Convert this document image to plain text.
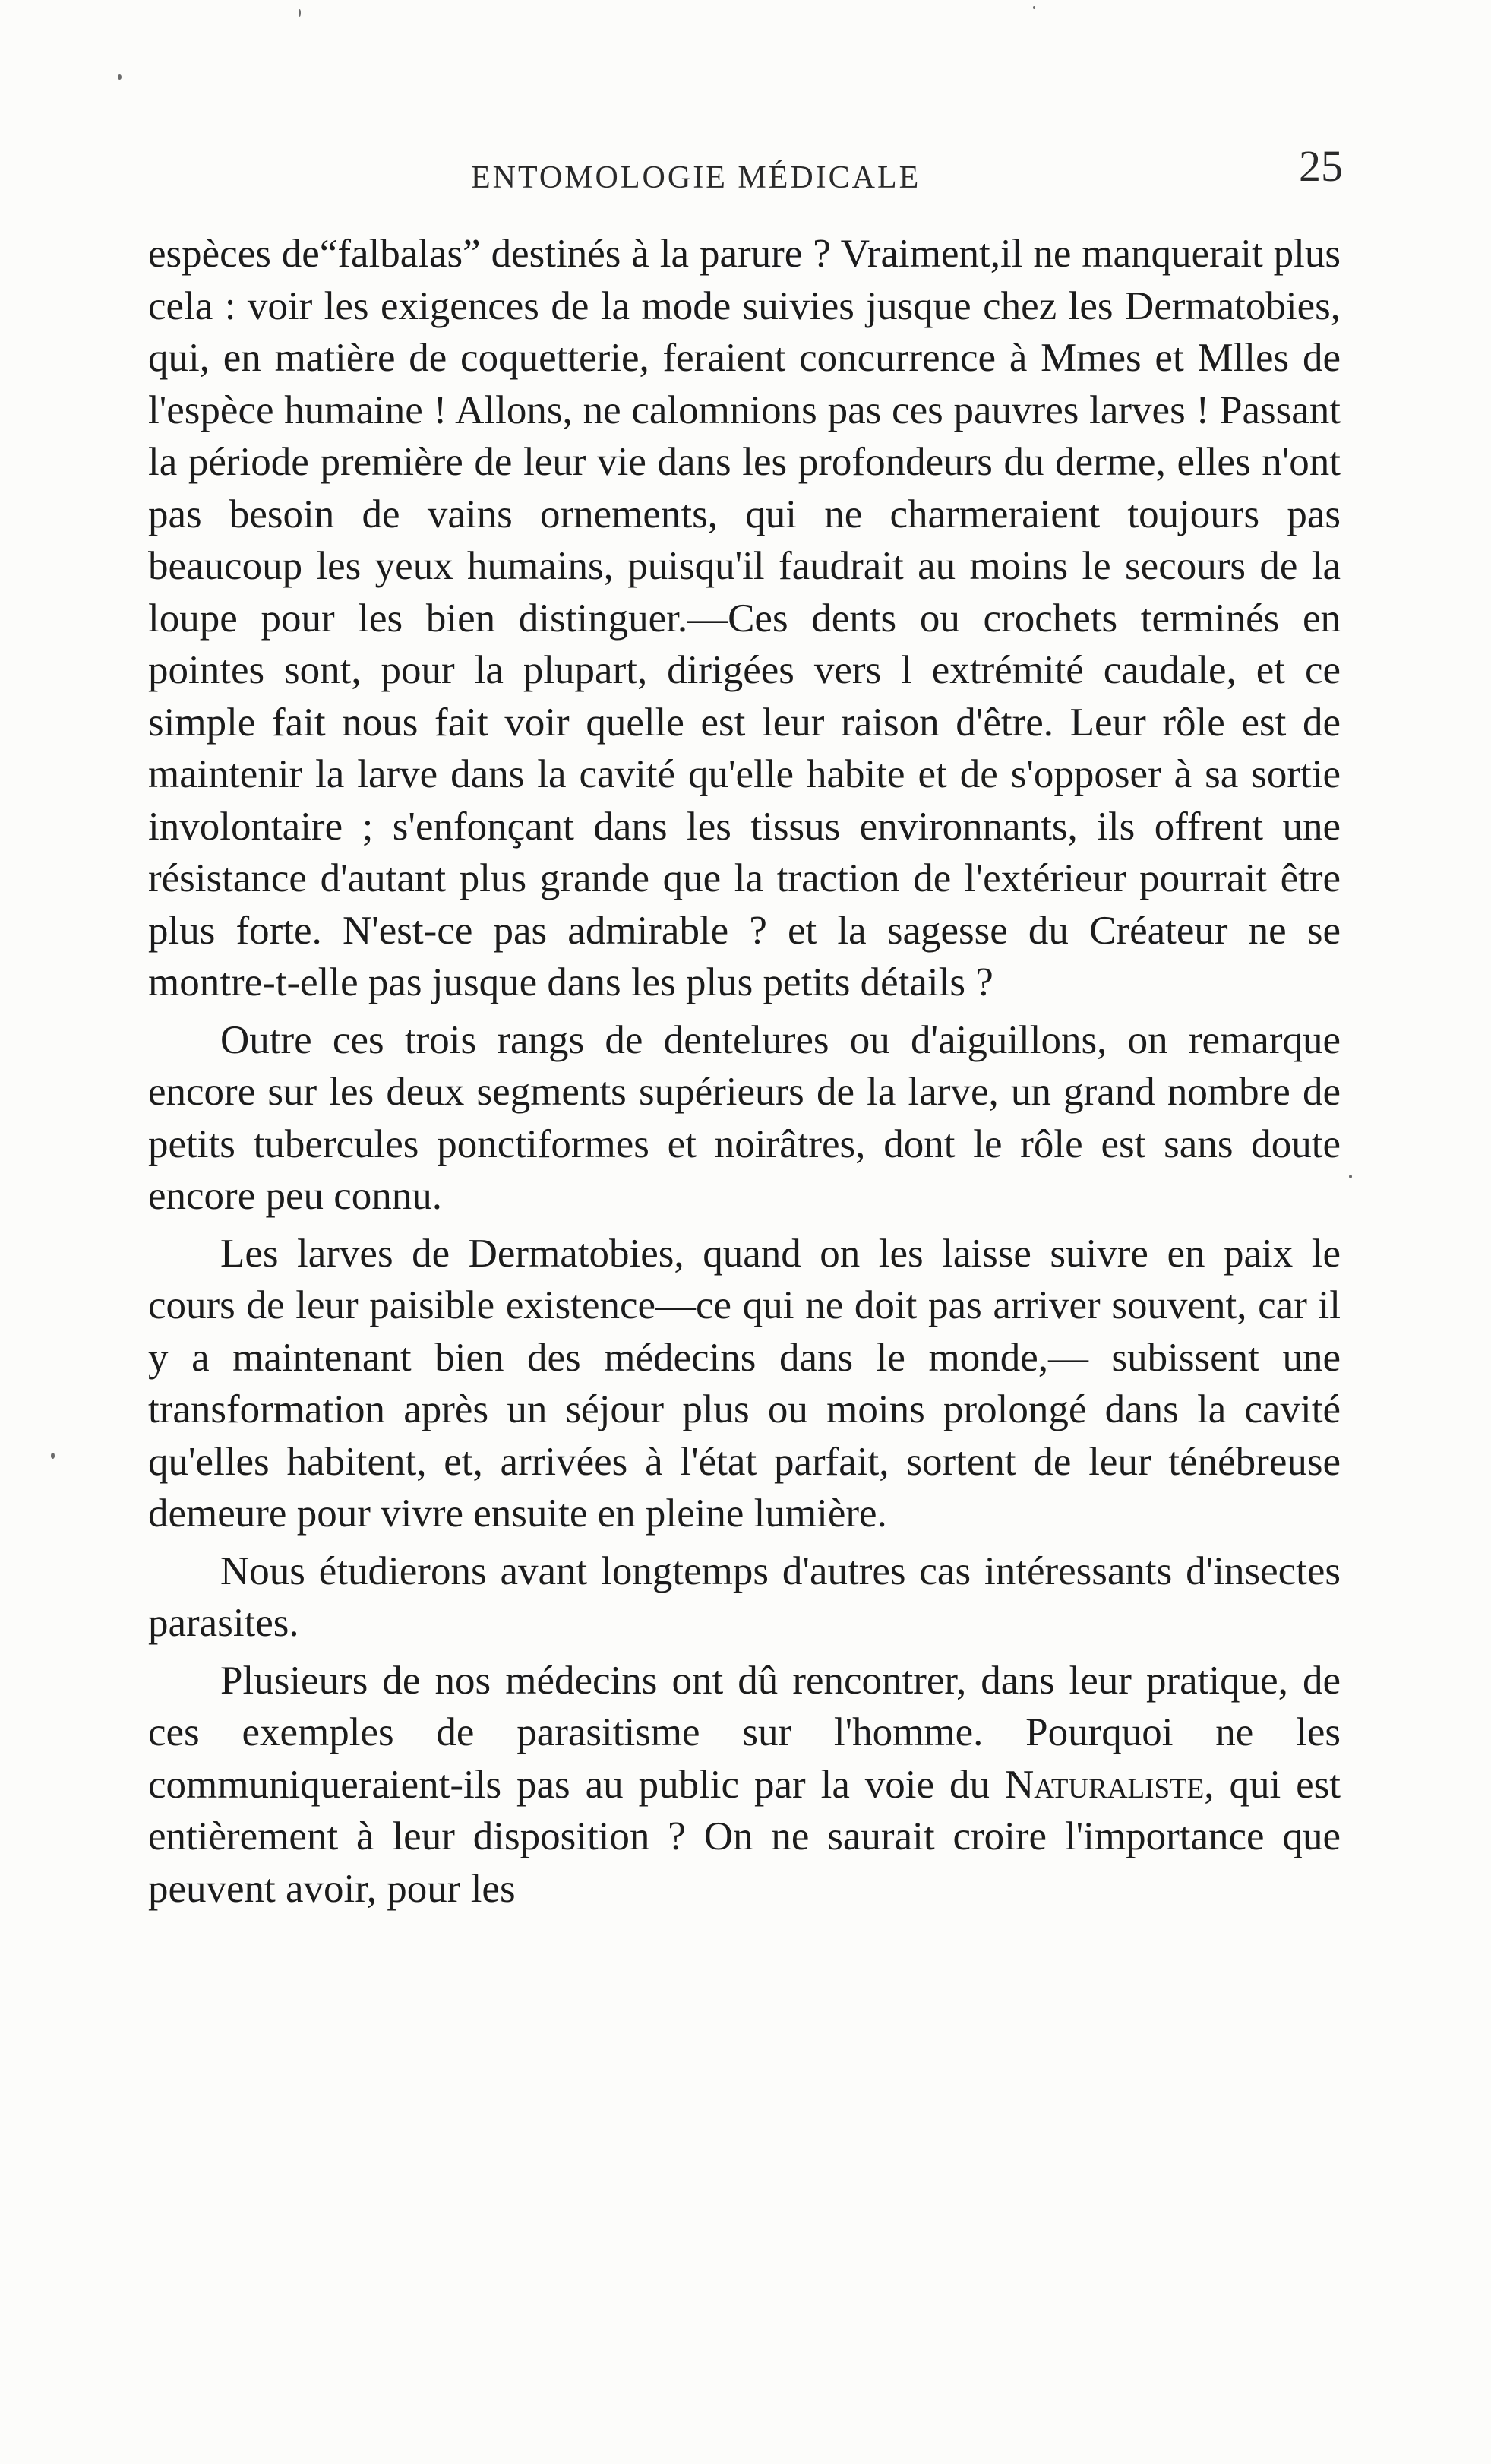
ENTOMOLOGIE MÉDICALE	25

espèces de“falbalas” destinés à la parure ? Vraiment,il ne manquerait plus cela : voir les exigences de la mode suivies jusque chez les Dermatobies, qui, en matière de coquetterie, feraient concurrence à Mmes et Mlles de l'espèce humaine ! Allons, ne calomnions pas ces pauvres larves ! Passant la période première de leur vie dans les profondeurs du derme, elles n'ont pas besoin de vains ornements, qui ne charmeraient toujours pas beaucoup les yeux humains, puisqu'il faudrait au moins le secours de la loupe pour les bien distinguer.—Ces dents ou crochets terminés en pointes sont, pour la plupart, dirigées vers l extrémité caudale, et ce simple fait nous fait voir quelle est leur raison d'être. Leur rôle est de maintenir la larve dans la cavité qu'elle habite et de s'opposer à sa sortie involontaire ; s'enfonçant dans les tissus environnants, ils offrent une résistance d'autant plus grande que la traction de l'extérieur pourrait être plus forte. N'est-ce pas admirable ? et la sagesse du Créateur ne se montre-t-elle pas jusque dans les plus petits détails ?

Outre ces trois rangs de dentelures ou d'aiguillons, on remarque encore sur les deux segments supérieurs de la larve, un grand nombre de petits tubercules ponctiformes et noirâtres, dont le rôle est sans doute encore peu connu.

Les larves de Dermatobies, quand on les laisse suivre en paix le cours de leur paisible existence—ce qui ne doit pas arriver souvent, car il y a maintenant bien des médecins dans le monde,— subissent une transformation après un séjour plus ou moins prolongé dans la cavité qu'elles habitent, et, arrivées à l'état parfait, sortent de leur ténébreuse demeure pour vivre ensuite en pleine lumière.

Nous étudierons avant longtemps d'autres cas intéressants d'insectes parasites.

Plusieurs de nos médecins ont dû rencontrer, dans leur pratique, de ces exemples de parasitisme sur l'homme. Pourquoi ne les communiqueraient-ils pas au public par la voie du Naturaliste, qui est entièrement à leur disposition ? On ne saurait croire l'importance que peuvent avoir, pour les
